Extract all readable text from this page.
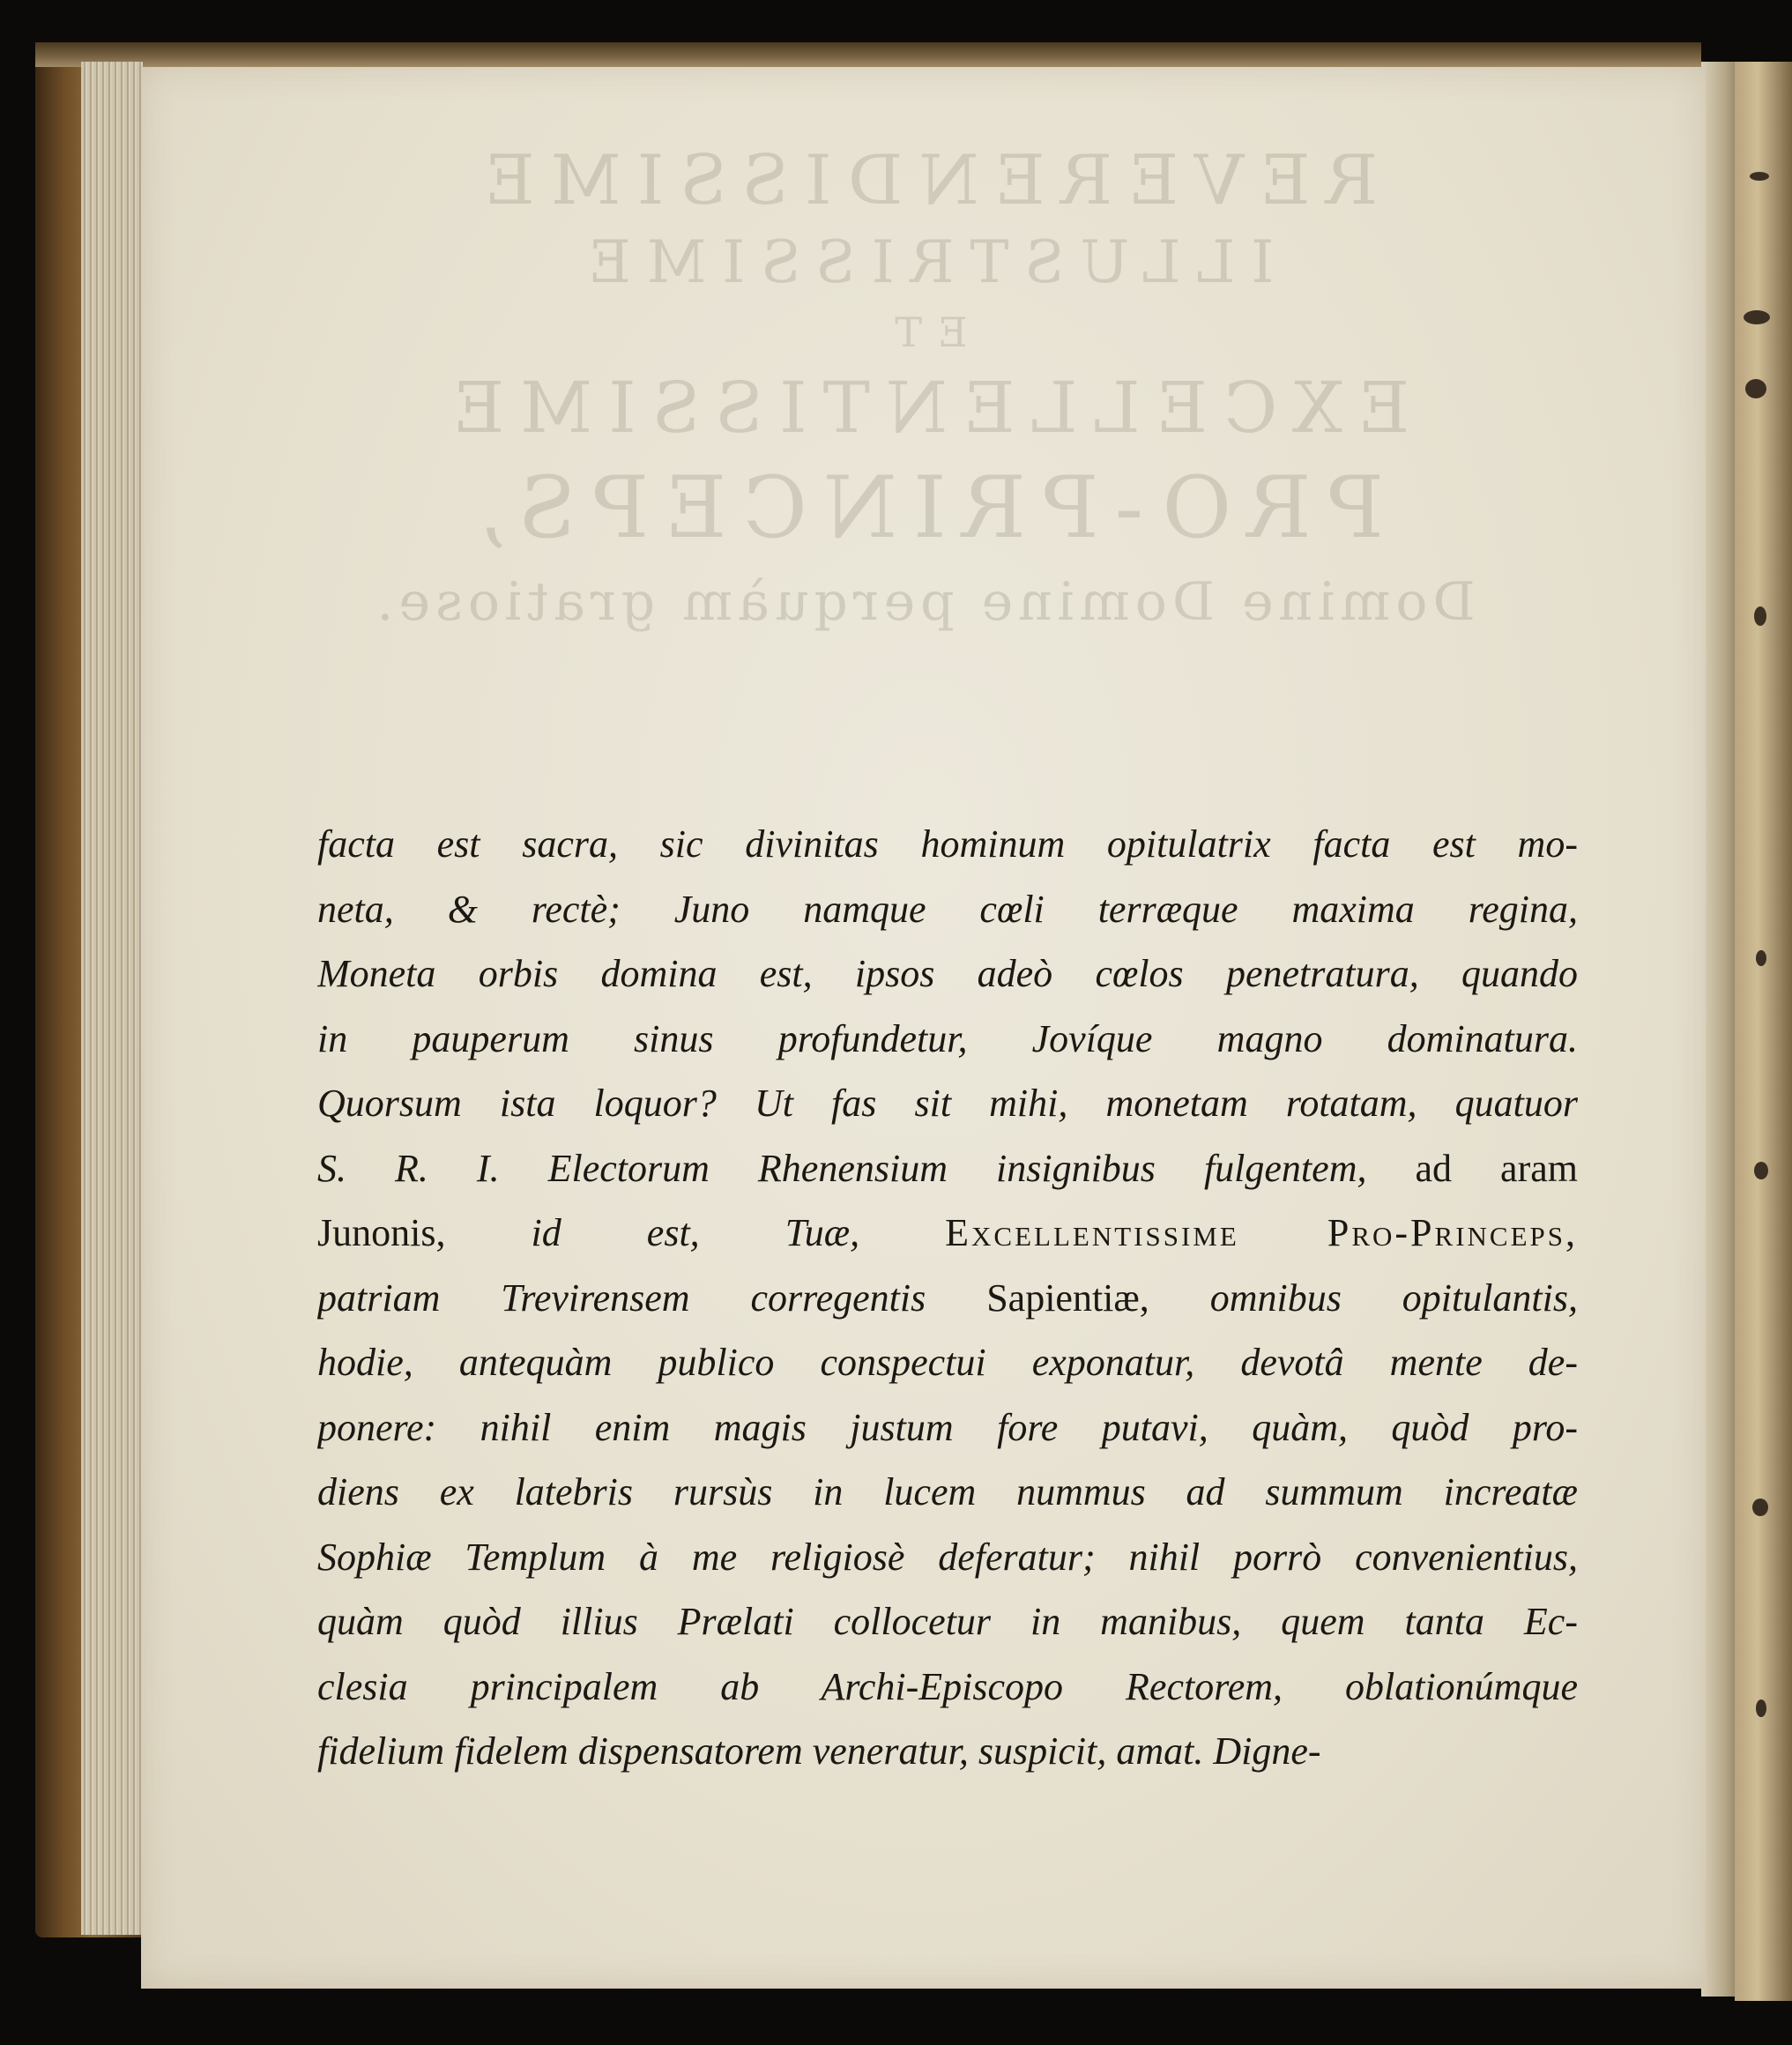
REVERENDISSIME
ILLUSTRISSIME
ET
EXCELLENTISSIME
PRO-PRINCEPS,
Domine Domine perquàm gratiose.
facta est sacra, sic divinitas hominum opitulatrix facta est mo-
neta, & rectè; Juno namque cœli terræque maxima regina,
Moneta orbis domina est, ipsos adeò cœlos penetratura, quando
in pauperum sinus profundetur, Jovíque magno dominatura.
Quorsum ista loquor? Ut fas sit mihi, monetam rotatam, quatuor
S. R. I. Electorum Rhenensium insignibus fulgentem, ad aram
Junonis, id est, Tuæ, Excellentissime Pro-Princeps,
patriam Trevirensem corregentis Sapientiæ, omnibus opitulantis,
hodie, antequàm publico conspectui exponatur, devotâ mente de-
ponere: nihil enim magis justum fore putavi, quàm, quòd pro-
diens ex latebris rursùs in lucem nummus ad summum increatæ
Sophiæ Templum à me religiosè deferatur; nihil porrò convenientius,
quàm quòd illius Prælati collocetur in manibus, quem tanta Ec-
clesia principalem ab Archi-Episcopo Rectorem, oblationúmque
fidelium fidelem dispensatorem veneratur, suspicit, amat. Digne-
